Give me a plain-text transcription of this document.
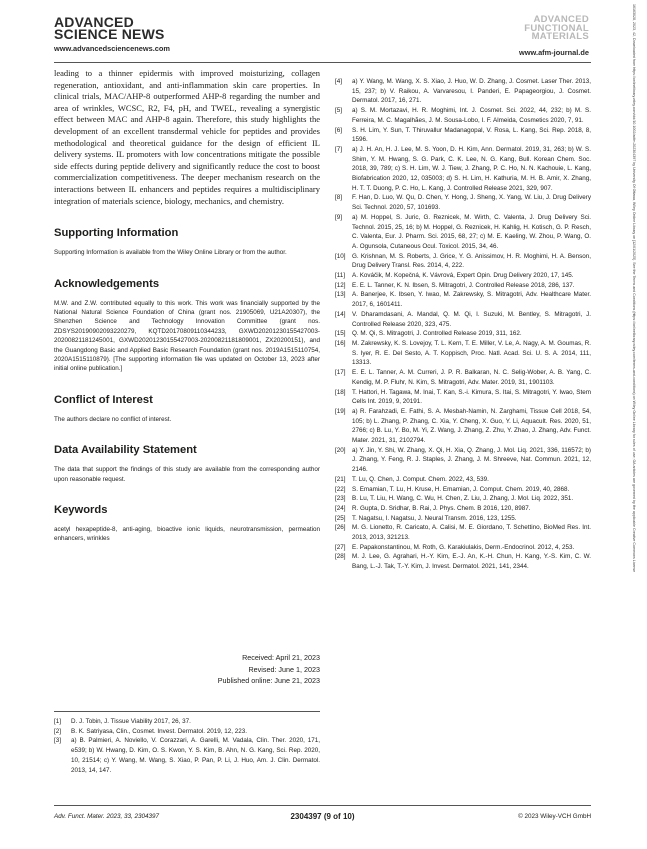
ADVANCED
SCIENCE NEWS
www.advancedsciencenews.com
ADVANCED
FUNCTIONAL
MATERIALS
www.afm-journal.de

leading to a thinner epidermis with improved moisturizing, collagen regeneration, antioxidant, and anti-inflammation skin care properties. In clinical trials, MAC/AHP-8 outperformed AHP-8 regarding the number and area of wrinkles, WCSC, R2, F4, pH, and TWEL, revealing a synergistic effect between MAC and AHP-8 again. Therefore, this study highlights the development of an excellent transdermal vehicle for peptides and provides methodological and theoretical guidance for the design of efficient IL delivery systems. IL promoters with low concentrations mitigate the possible side effects during peptide delivery and significantly reduce the cost to boost commercialization competitiveness. The deeper mechanism research on the interactions between IL enhancers and peptides requires a multidisciplinary integration of materials science, biology, mechanics, and chemistry.

Supporting Information

Supporting Information is available from the Wiley Online Library or from the author.

Acknowledgements

M.W. and Z.W. contributed equally to this work. This work was financially supported by the National Natural Science Foundation of China (grant nos. 21905069, U21A20307), the Shenzhen Science and Technology Innovation Committee (grant nos. ZDSYS20190902093220279, KQTD20170809110344233, GXWD20201230155427003-20200821181245001, GXWD20201230155427003-20200821181809001, ZX20200151), and the Guangdong Basic and Applied Basic Research Foundation (grant nos. 2019A1515110754, 2020A1515110879). [The supporting information file was updated on October 13, 2023 after initial online publication.]

Conflict of Interest

The authors declare no conflict of interest.

Data Availability Statement

The data that support the findings of this study are available from the corresponding author upon reasonable request.

Keywords

acetyl hexapeptide-8, anti-aging, bioactive ionic liquids, neurotransmission, permeation enhancers, wrinkles

Received: April 21, 2023
Revised: June 1, 2023
Published online: June 21, 2023
[1]	D. J. Tobin, J. Tissue Viability 2017, 26, 37.
[2]	B. K. Satriyasa, Clin., Cosmet. Invest. Dermatol. 2019, 12, 223.
[3]	a) B. Palmieri, A. Noviello, V. Corazzari, A. Garelli, M. Vadala, Clin. Ther. 2020, 171, e539; b) W. Hwang, D. Kim, O. S. Kwon, Y. S. Kim, B. Ahn, N. G. Kang, Sci. Rep. 2020, 10, 21514; c) Y. Wang, M. Wang, S. Xiao, P. Pan, P. Li, J. Huo, Am. J. Clin. Dermatol. 2013, 14, 147.
[4]	a) Y. Wang, M. Wang, X. S. Xiao, J. Huo, W. D. Zhang, J. Cosmet. Laser Ther. 2013, 15, 237; b) V. Raikou, A. Varvaresou, I. Panderi, E. Papageorgiou, J. Cosmet. Dermatol. 2017, 16, 271.
[5]	a) S. M. Mortazavi, H. R. Moghimi, Int. J. Cosmet. Sci. 2022, 44, 232; b) M. S. Ferreira, M. C. Magalhães, J. M. Sousa-Lobo, I. F. Almeida, Cosmetics 2020, 7, 91.
[6]	S. H. Lim, Y. Sun, T. Thiruvallur Madanagopal, V. Rosa, L. Kang, Sci. Rep. 2018, 8, 1596.
[7]	a) J. H. An, H. J. Lee, M. S. Yoon, D. H. Kim, Ann. Dermatol. 2019, 31, 263; b) W. S. Shim, Y. M. Hwang, S. G. Park, C. K. Lee, N. G. Kang, Bull. Korean Chem. Soc. 2018, 39, 789; c) S. H. Lim, W. J. Tiew, J. Zhang, P. C. Ho, N. N. Kachouie, L. Kang, Biofabrication 2020, 12, 035003; d) S. H. Lim, H. Kathuria, M. H. B. Amir, X. Zhang, H. T. T. Duong, P. C. Ho, L. Kang, J. Controlled Release 2021, 329, 907.
[8]	F. Han, D. Luo, W. Qu, D. Chen, Y. Hong, J. Sheng, X. Yang, W. Liu, J. Drug Delivery Sci. Technol. 2020, 57, 101693.
[9]	a) M. Hoppel, S. Juric, G. Reznicek, M. Wirth, C. Valenta, J. Drug Delivery Sci. Technol. 2015, 25, 16; b) M. Hoppel, G. Reznicek, H. Kahlig, H. Kotisch, G. P. Resch, C. Valenta, Eur. J. Pharm. Sci. 2015, 68, 27; c) M. E. Kaeling, W. Zhou, P. Wang, O. A. Ogunsola, Cutaneous Ocul. Toxicol. 2015, 34, 46.
[10]	G. Krishnan, M. S. Roberts, J. Grice, Y. G. Anissimov, H. R. Moghimi, H. A. Benson, Drug Delivery Transl. Res. 2014, 4, 222.
[11]	A. Kováčik, M. Kopečná, K. Vávrová, Expert Opin. Drug Delivery 2020, 17, 145.
[12]	E. E. L. Tanner, K. N. Ibsen, S. Mitragotri, J. Controlled Release 2018, 286, 137.
[13]	A. Banerjee, K. Ibsen, Y. Iwao, M. Zakrewsky, S. Mitragotri, Adv. Healthcare Mater. 2017, 6, 1601411.
[14]	V. Dharamdasani, A. Mandal, Q. M. Qi, I. Suzuki, M. Bentley, S. Mitragotri, J. Controlled Release 2020, 323, 475.
[15]	Q. M. Qi, S. Mitragotri, J. Controlled Release 2019, 311, 162.
[16]	M. Zakrewsky, K. S. Lovejoy, T. L. Kern, T. E. Miller, V. Le, A. Nagy, A. M. Goumas, R. S. Iyer, R. E. Del Sesto, A. T. Koppisch, Proc. Natl. Acad. Sci. U. S. A. 2014, 111, 13313.
[17]	E. E. L. Tanner, A. M. Curreri, J. P. R. Balkaran, N. C. Selig-Wober, A. B. Yang, C. Kendig, M. P. Fluhr, N. Kim, S. Mitragotri, Adv. Mater. 2019, 31, 1901103.
[18]	T. Hattori, H. Tagawa, M. Inai, T. Kan, S.-i. Kimura, S. Itai, S. Mitragotri, Y. Iwao, Stem Cells Int. 2019, 9, 20191.
[19]	a) R. Farahzadi, E. Fathi, S. A. Mesbah-Namin, N. Zarghami, Tissue Cell 2018, 54, 105; b) L. Zhang, P. Zhang, C. Xia, Y. Cheng, X. Guo, Y. Li, Aquacult. Res. 2020, 51, 2766; c) B. Lu, Y. Bo, M. Yi, Z. Wang, J. Zhang, Z. Zhu, Y. Zhao, J. Zhang, Adv. Funct. Mater. 2021, 31, 2102794.
[20]	a) Y. Jin, Y. Shi, W. Zhang, X. Qi, H. Xia, Q. Zhang, J. Mol. Liq. 2021, 336, 116572; b) J. Zhang, Y. Feng, R. J. Staples, J. Zhang, J. M. Shreeve, Nat. Commun. 2021, 12, 2146.
[21]	T. Lu, Q. Chen, J. Comput. Chem. 2022, 43, 539.
[22]	S. Emamian, T. Lu, H. Kruse, H. Emamian, J. Comput. Chem. 2019, 40, 2868.
[23]	B. Lu, T. Liu, H. Wang, C. Wu, H. Chen, Z. Liu, J. Zhang, J. Mol. Liq. 2022, 351.
[24]	R. Gupta, D. Sridhar, B. Rai, J. Phys. Chem. B 2016, 120, 8987.
[25]	T. Nagatsu, I. Nagatsu, J. Neural Transm. 2016, 123, 1255.
[26]	M. G. Lionetto, R. Caricato, A. Calisi, M. E. Giordano, T. Schettino, BioMed Res. Int. 2013, 2013, 321213.
[27]	E. Papakonstantinou, M. Roth, G. Karakiulakis, Derm.-Endocrinol. 2012, 4, 253.
[28]	M. J. Lee, G. Agrahari, H.-Y. Kim, E.-J. An, K.-H. Chun, H. Kang, Y.-S. Kim, C. W. Bang, L.-J. Tak, T.-Y. Kim, J. Invest. Dermatol. 2021, 141, 2344.
Adv. Funct. Mater. 2023, 33, 2304397	2304397 (9 of 10)	© 2023 Wiley-VCH GmbH
16163028, 2023, 42, Downloaded from https://onlinelibrary.wiley.com/doi/10.1002/adfm.202304397 by University Of Ottawa, Wiley Online Library on [12/01/2025]. See the Terms and Conditions (https://onlinelibrary.wiley.com/terms-and-conditions) on Wiley Online Library for rules of use; OA articles are governed by the applicable Creative Commons License
